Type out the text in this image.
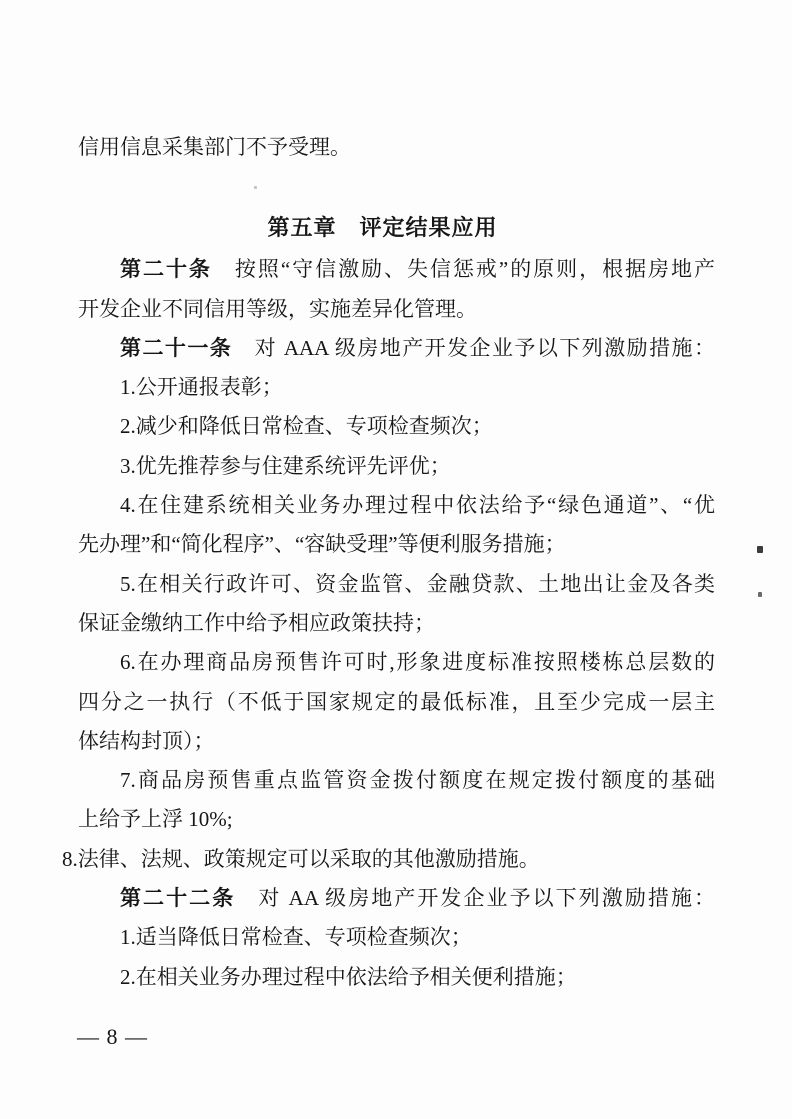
信用信息采集部门不予受理。
第五章　评定结果应用
第二十条　按照“守信激励、失信惩戒”的原则，根据房地产
开发企业不同信用等级，实施差异化管理。
第二十一条　对 AAA 级房地产开发企业予以下列激励措施：
1.公开通报表彰；
2.减少和降低日常检查、专项检查频次；
3.优先推荐参与住建系统评先评优；
4.在住建系统相关业务办理过程中依法给予“绿色通道”、“优
先办理”和“简化程序”、“容缺受理”等便利服务措施；
5.在相关行政许可、资金监管、金融贷款、土地出让金及各类
保证金缴纳工作中给予相应政策扶持；
6.在办理商品房预售许可时,形象进度标准按照楼栋总层数的
四分之一执行（不低于国家规定的最低标准，且至少完成一层主
体结构封顶）；
7.商品房预售重点监管资金拨付额度在规定拨付额度的基础
上给予上浮 10%;
8.法律、法规、政策规定可以采取的其他激励措施。
第二十二条　对 AA 级房地产开发企业予以下列激励措施：
1.适当降低日常检查、专项检查频次；
2.在相关业务办理过程中依法给予相关便利措施；
— 8 —
